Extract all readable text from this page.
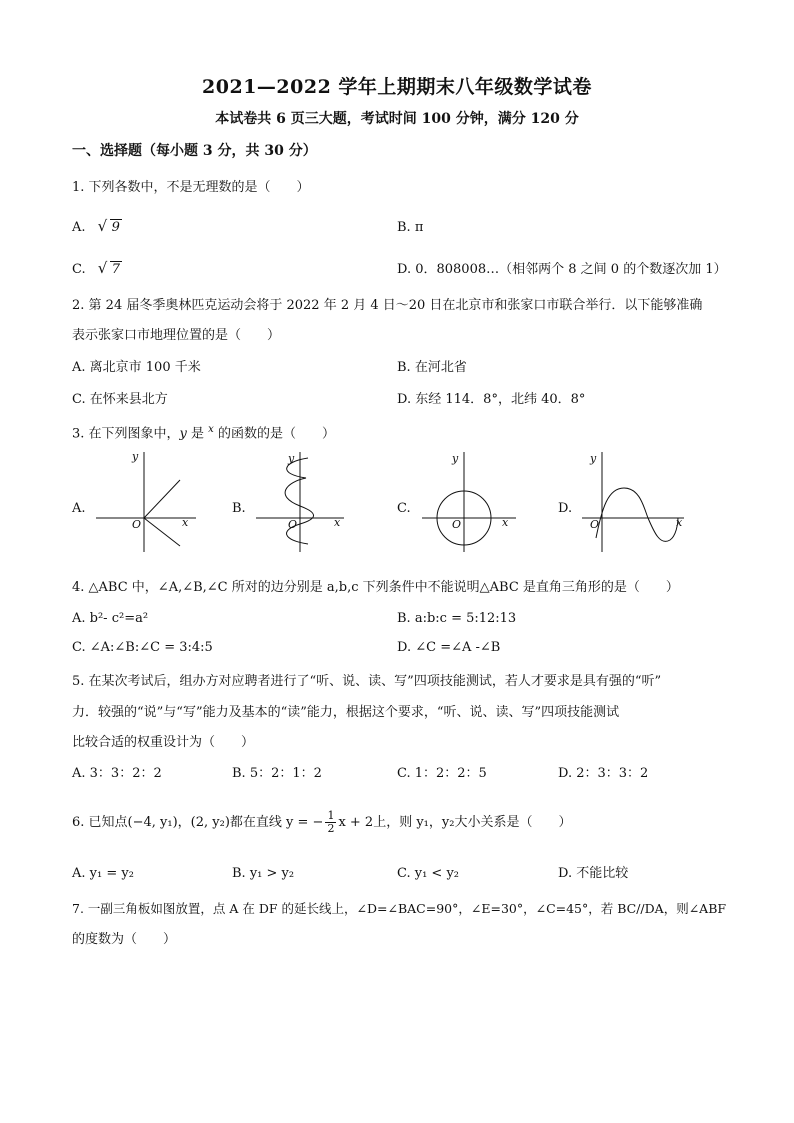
2021—2022 学年上期期末八年级数学试卷
本试卷共 6 页三大题，考试时间 100 分钟，满分 120 分
一、选择题（每小题 3 分，共 30 分）
1. 下列各数中，不是无理数的是（　　）
A. √ 9	B. π
C. √ 7	D. 0．808008…（相邻两个 8 之间 0 的个数逐次加 1）
2. 第 24 届冬季奥林匹克运动会将于 2022 年 2 月 4 日～20 日在北京市和张家口市联合举行．以下能够准确
表示张家口市地理位置的是（　　）
A. 离北京市 100 千米	B. 在河北省
C. 在怀来县北方	D. 东经 114．8°，北纬 40．8°
3. 在下列图象中，y 是 $^x$ 的函数的是（　　）
A.
x
y
O
B.
x
y
O
C.
x
y
O
D.
x
y
O
4. △ABC 中，∠A,∠B,∠C 所对的边分别是 a,b,c 下列条件中不能说明△ABC 是直角三角形的是（　　）
A. b²- c²=a²	B. a:b:c = 5:12:13
C. ∠A:∠B:∠C = 3:4:5	D. ∠C =∠A -∠B
5. 在某次考试后，组办方对应聘者进行了“听、说、读、写”四项技能测试，若人才要求是具有强的“听”
力．较强的“说”与“写”能力及基本的“读”能力，根据这个要求，“听、说、读、写”四项技能测试
比较合适的权重设计为（　　）
A. 3：3：2：2	B. 5：2：1：2	C. 1：2：2：5	D. 2：3：3：2
6. 已知点(−4, y₁)，(2, y₂)都在直线 y = − $\frac{1}{2}$ x + 2上，则 y₁，y₂大小关系是（　　）
A. y₁ = y₂	B. y₁ > y₂	C. y₁ < y₂	D. 不能比较
7. 一副三角板如图放置，点 A 在 DF 的延长线上，∠D=∠BAC=90°，∠E=30°，∠C=45°，若 BC//DA，则∠ABF
的度数为（　　）
